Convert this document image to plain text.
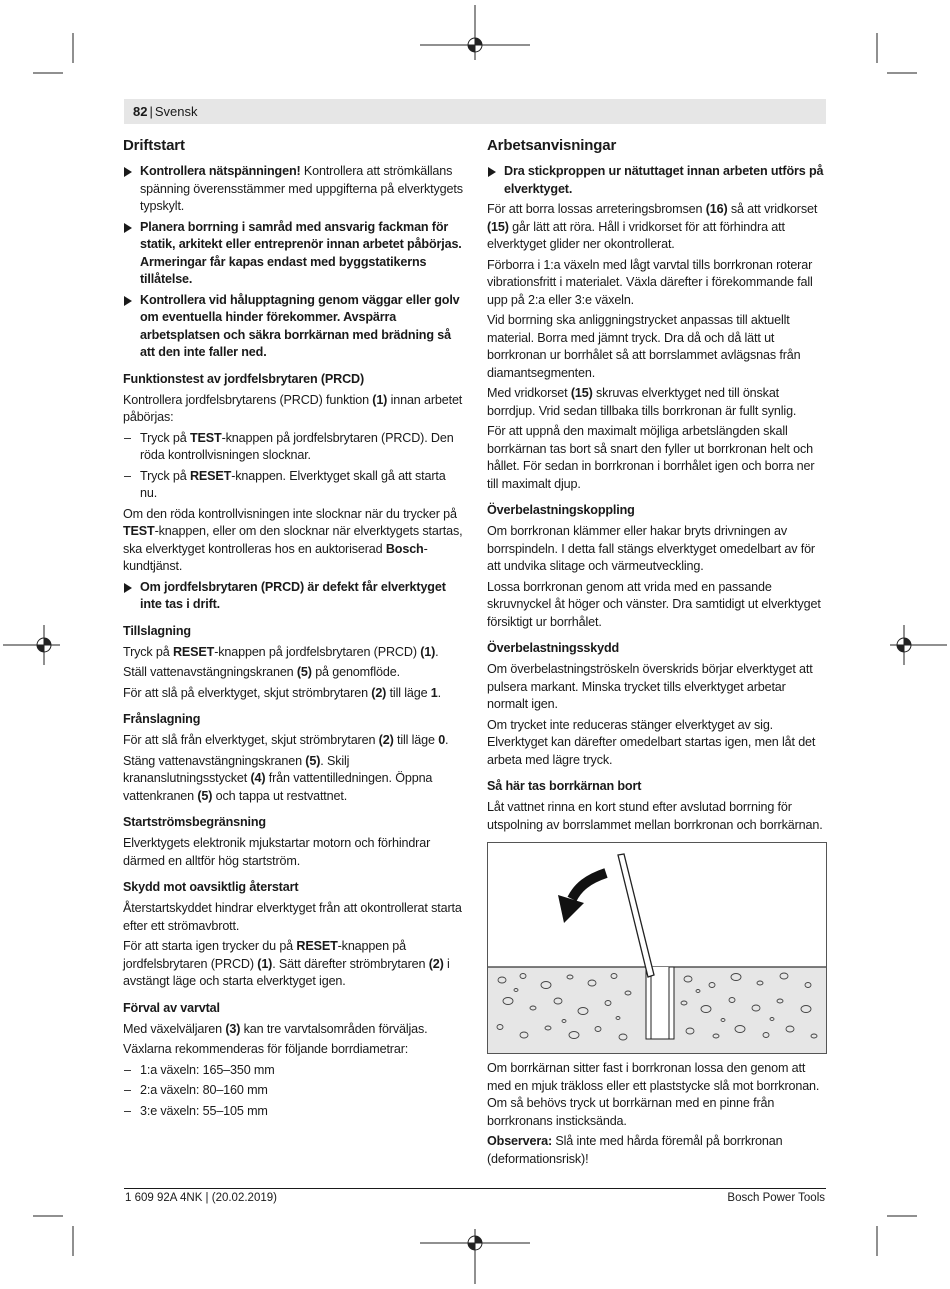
82 | Svensk
Driftstart
Kontrollera nätspänningen! Kontrollera att strömkällans spänning överensstämmer med uppgifterna på elverktygets typskylt.
Planera borrning i samråd med ansvarig fackman för statik, arkitekt eller entreprenör innan arbetet påbörjas. Armeringar får kapas endast med byggstatikerns tillåtelse.
Kontrollera vid hålupptagning genom väggar eller golv om eventuella hinder förekommer. Avspärra arbetsplatsen och säkra borrkärnan med brädning så att den inte faller ned.
Funktionstest av jordfelsbrytaren (PRCD)

Kontrollera jordfelsbrytarens (PRCD) funktion (1) innan arbetet påbörjas:

– Tryck på TEST-knappen på jordfelsbrytaren (PRCD). Den röda kontrollvisningen slocknar.
– Tryck på RESET-knappen. Elverktyget skall gå att starta nu.

Om den röda kontrollvisningen inte slocknar när du trycker på TEST-knappen, eller om den slocknar när elverktygets startas, ska elverktyget kontrolleras hos en auktoriserad Bosch-kundtjänst.

Om jordfelsbrytaren (PRCD) är defekt får elverktyget inte tas i drift.
Tillslagning

Tryck på RESET-knappen på jordfelsbrytaren (PRCD) (1).

Ställ vattenavstängningskranen (5) på genomflöde.

För att slå på elverktyget, skjut strömbrytaren (2) till läge 1.

Frånslagning

För att slå från elverktyget, skjut strömbrytaren (2) till läge 0.

Stäng vattenavstängningskranen (5). Skilj krananslutningsstycket (4) från vattentilledningen. Öppna vattenkranen (5) och tappa ut restvattnet.

Startströmsbegränsning

Elverktygets elektronik mjukstartar motorn och förhindrar därmed en alltför hög startström.

Skydd mot oavsiktlig återstart

Återstartskyddet hindrar elverktyget från att okontrollerat starta efter ett strömavbrott.

För att starta igen trycker du på RESET-knappen på jordfelsbrytaren (PRCD) (1). Sätt därefter strömbrytaren (2) i avstängt läge och starta elverktyget igen.

Förval av varvtal

Med växelväljaren (3) kan tre varvtalsområden förväljas.

Växlarna rekommenderas för följande borrdiametrar:

– 1:a växeln: 165–350 mm
– 2:a växeln: 80–160 mm
– 3:e växeln: 55–105 mm
Arbetsanvisningar
Dra stickproppen ur nätuttaget innan arbeten utförs på elverktyget.

För att borra lossas arreteringsbromsen (16) så att vridkorset (15) går lätt att röra. Håll i vridkorset för att förhindra att elverktyget glider ner okontrollerat.

Förborra i 1:a växeln med lågt varvtal tills borrkronan roterar vibrationsfritt i materialet. Växla därefter i förekommande fall upp på 2:a eller 3:e växeln.

Vid borrning ska anliggningstrycket anpassas till aktuellt material. Borra med jämnt tryck. Dra då och då lätt ut borrkronan ur borrhålet så att borrslammet avlägsnas från diamantsegmenten.

Med vridkorset (15) skruvas elverktyget ned till önskat borrdjup. Vrid sedan tillbaka tills borrkronan är fullt synlig.

För att uppnå den maximalt möjliga arbetslängden skall borrkärnan tas bort så snart den fyller ut borrkronan helt och hållet. För sedan in borrkronan i borrhålet igen och borra ner till maximalt djup.

Överbelastningskoppling

Om borrkronan klämmer eller hakar bryts drivningen av borrspindeln. I detta fall stängs elverktyget omedelbart av för att undvika slitage och värmeutveckling.

Lossa borrkronan genom att vrida med en passande skruvnyckel åt höger och vänster. Dra samtidigt ut elverktyget försiktigt ur borrhålet.

Överbelastningsskydd

Om överbelastningströskeln överskrids börjar elverktyget att pulsera markant. Minska trycket tills elverktyget arbetar normalt igen.

Om trycket inte reduceras stänger elverktyget av sig. Elverktyget kan därefter omedelbart startas igen, men låt det arbeta med lägre tryck.

Så här tas borrkärnan bort

Låt vattnet rinna en kort stund efter avslutad borrning för utspolning av borrslammet mellan borrkronan och borrkärnan.

Om borrkärnan sitter fast i borrkronan lossa den genom att med en mjuk träkloss eller ett plaststycke slå mot borrkronan. Om så behövs tryck ut borrkärnan med en pinne från borrkronans insticksända.

Observera: Slå inte med hårda föremål på borrkronan (deformationsrisk)!

1 609 92A 4NK | (20.02.2019)	Bosch Power Tools
